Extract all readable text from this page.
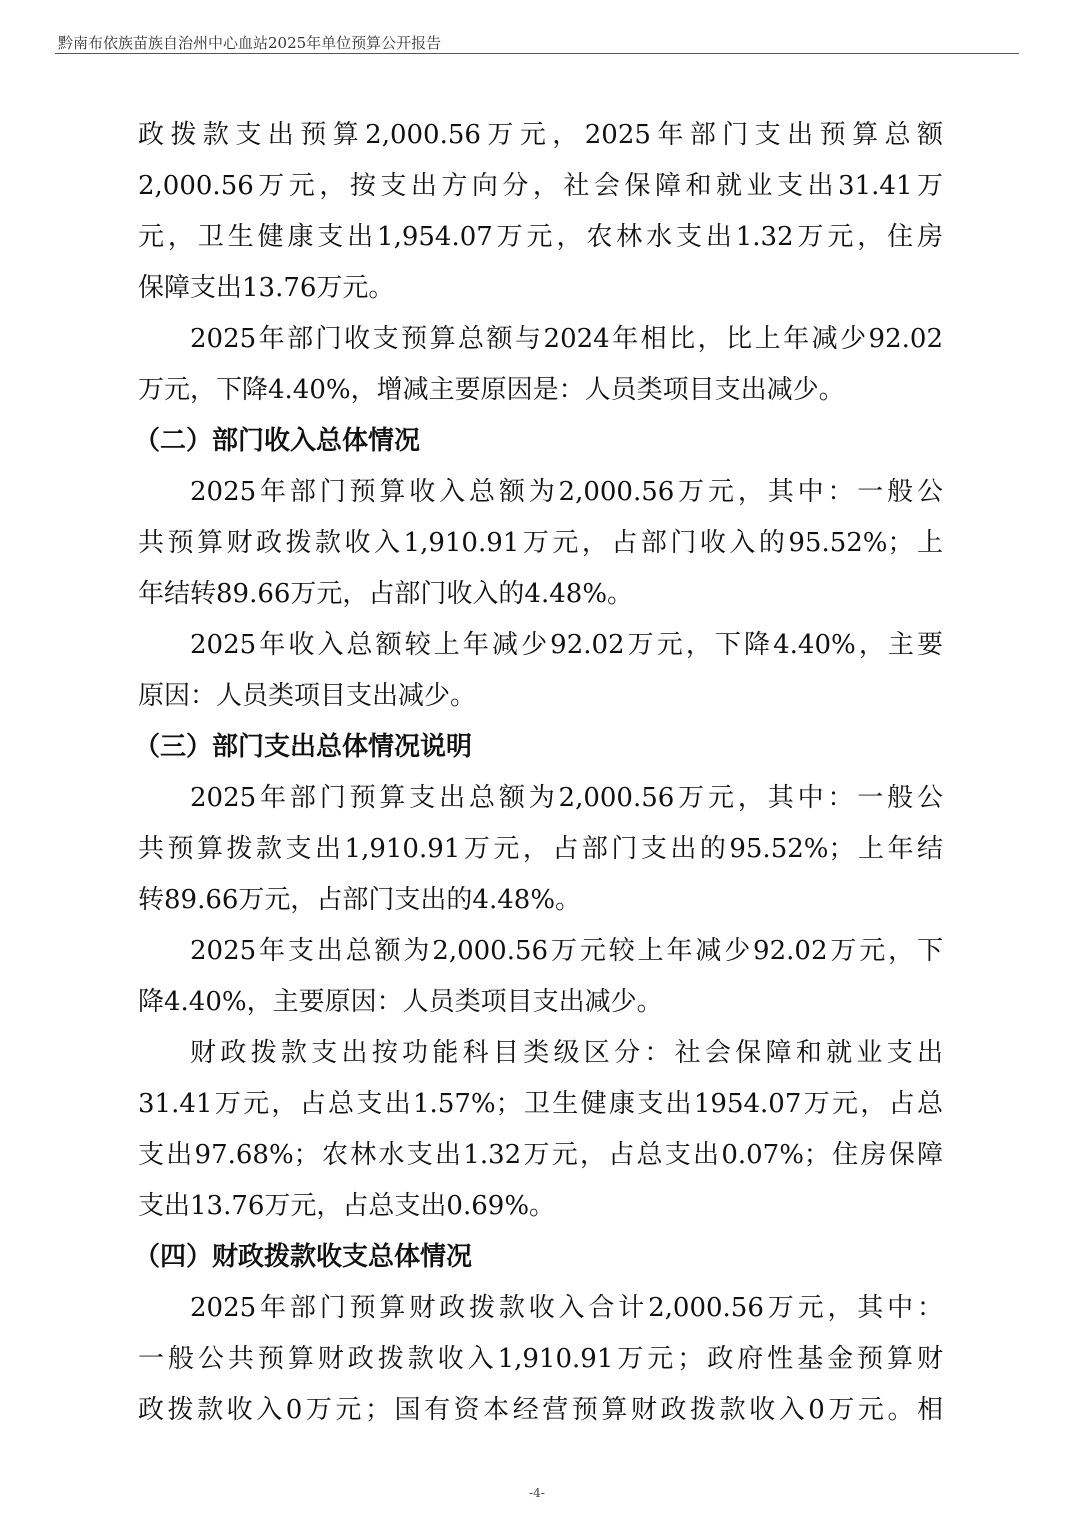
黔南布依族苗族自治州中心血站2025年单位预算公开报告
政拨款支出预算2,000.56万元，2025年部门支出预算总额
2,000.56万元，按支出方向分，社会保障和就业支出31.41万
元，卫生健康支出1,954.07万元，农林水支出1.32万元，住房
保障支出13.76万元。
2025年部门收支预算总额与2024年相比，比上年减少92.02
万元，下降4.40%，增减主要原因是：人员类项目支出减少。
（二）部门收入总体情况
2025年部门预算收入总额为2,000.56万元，其中：一般公
共预算财政拨款收入1,910.91万元，占部门收入的95.52%；上
年结转89.66万元，占部门收入的4.48%。
2025年收入总额较上年减少92.02万元，下降4.40%，主要
原因：人员类项目支出减少。
（三）部门支出总体情况说明
2025年部门预算支出总额为2,000.56万元，其中：一般公
共预算拨款支出1,910.91万元，占部门支出的95.52%；上年结
转89.66万元，占部门支出的4.48%。
2025年支出总额为2,000.56万元较上年减少92.02万元，下
降4.40%，主要原因：人员类项目支出减少。
财政拨款支出按功能科目类级区分：社会保障和就业支出
31.41万元，占总支出1.57%；卫生健康支出1954.07万元，占总
支出97.68%；农林水支出1.32万元，占总支出0.07%；住房保障
支出13.76万元，占总支出0.69%。
（四）财政拨款收支总体情况
2025年部门预算财政拨款收入合计2,000.56万元，其中：
一般公共预算财政拨款收入1,910.91万元；政府性基金预算财
政拨款收入0万元；国有资本经营预算财政拨款收入0万元。相
-4-
